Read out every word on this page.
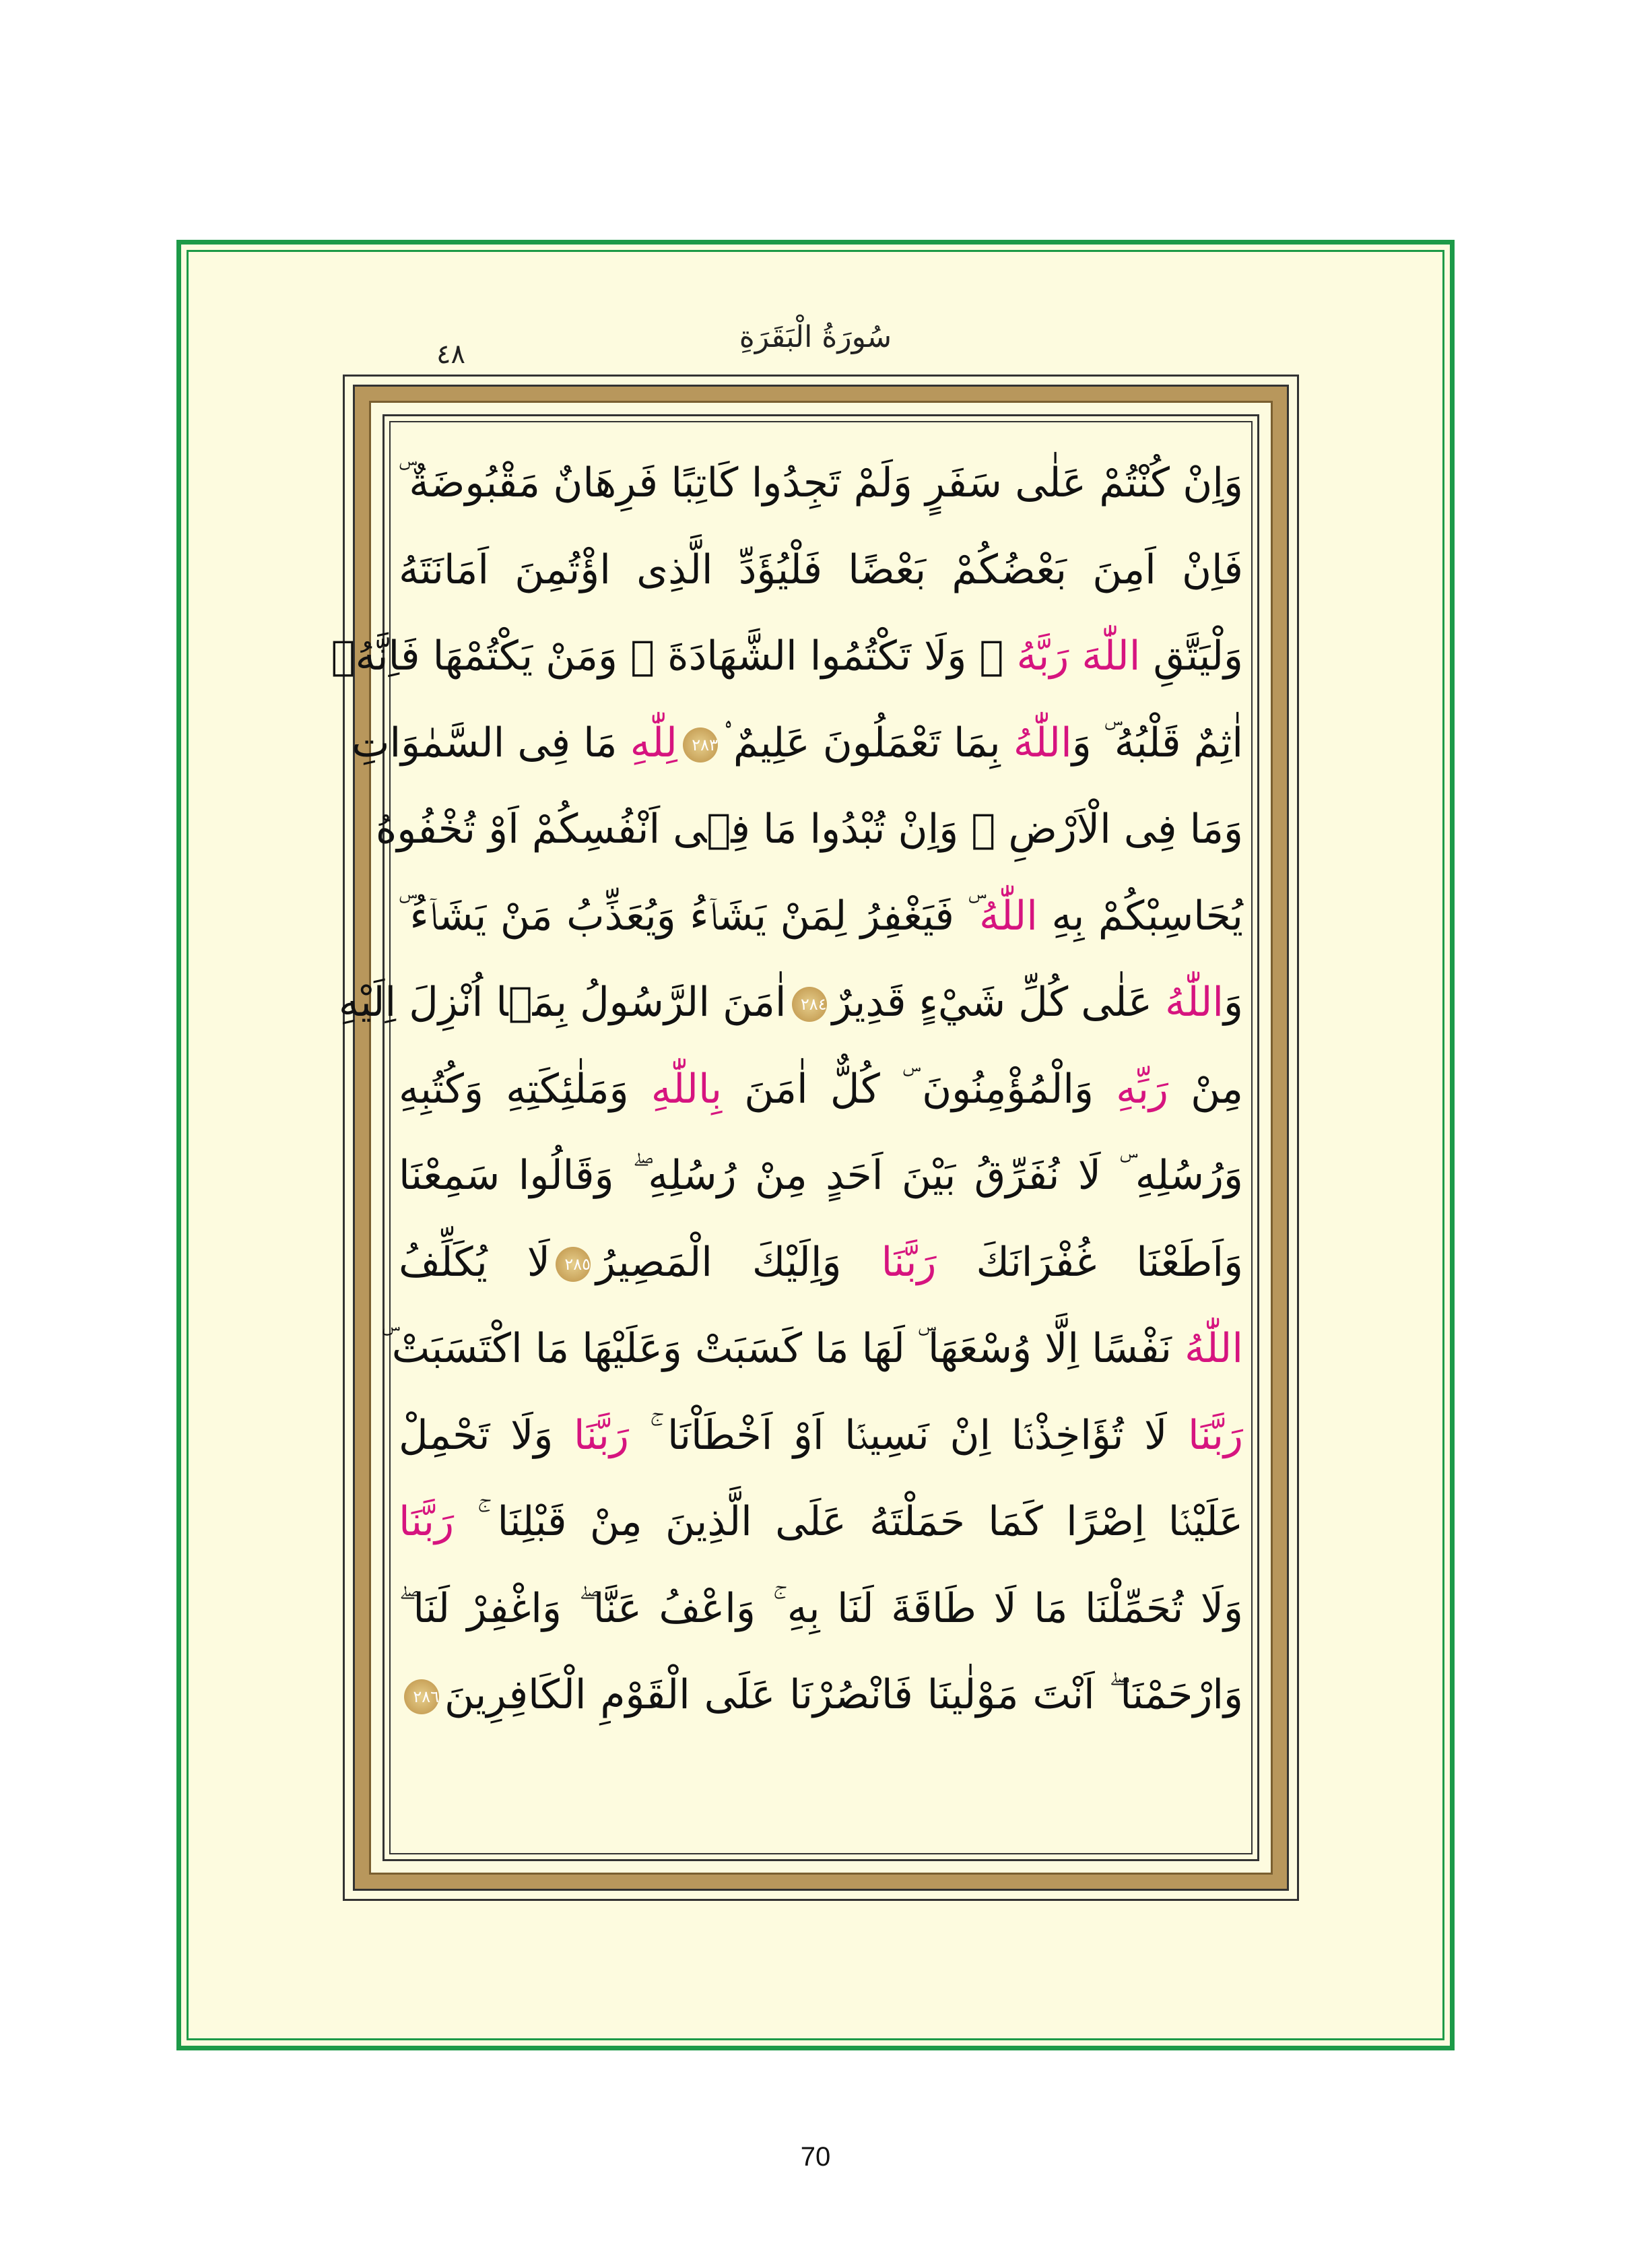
سُورَةُ الْبَقَرَةِ
٤٨
وَاِنْ كُنْتُمْ عَلٰى سَفَرٍ وَلَمْ تَجِدُوا كَاتِبًا فَرِهَانٌ مَقْبُوضَةٌ ۜ
فَاِنْ اَمِنَ بَعْضُكُمْ بَعْضًا فَلْيُؤَدِّ الَّذِى اؤْتُمِنَ اَمَانَتَهُ
وَلْيَتَّقِ اللّٰهَ رَبَّهُ ۜ وَلَا تَكْتُمُوا الشَّهَادَةَ ۜ وَمَنْ يَكْتُمْهَا فَاِنَّهُۤ
اٰثِمٌ قَلْبُهُ ۜ وَاللّٰهُ بِمَا تَعْمَلُونَ عَلِيمٌ ۟٢٨٣لِلّٰهِ مَا فِى السَّمٰوَاتِ
وَمَا فِى الْاَرْضِ ۜ وَاِنْ تُبْدُوا مَا فِۤى اَنْفُسِكُمْ اَوْ تُخْفُوهُ
يُحَاسِبْكُمْ بِهِ اللّٰهُ ۜ فَيَغْفِرُ لِمَنْ يَشَاۤءُ وَيُعَذِّبُ مَنْ يَشَاۤءُ ۜ
وَاللّٰهُ عَلٰى كُلِّ شَيْءٍ قَدِيرٌ٢٨٤اٰمَنَ الرَّسُولُ بِمَۤا اُنْزِلَ اِلَيْهِ
مِنْ رَبِّهِ وَالْمُؤْمِنُونَ ۜ كُلٌّ اٰمَنَ بِاللّٰهِ وَمَلٰئِكَتِهِ وَكُتُبِهِ
وَرُسُلِهِ ۜ لَا نُفَرِّقُ بَيْنَ اَحَدٍ مِنْ رُسُلِهِ ۖ وَقَالُوا سَمِعْنَا
وَاَطَعْنَا غُفْرَانَكَ رَبَّنَا وَاِلَيْكَ الْمَصِيرُ٢٨٥لَا يُكَلِّفُ
اللّٰهُ نَفْسًا اِلَّا وُسْعَهَا ۜ لَهَا مَا كَسَبَتْ وَعَلَيْهَا مَا اكْتَسَبَتْ ۜ
رَبَّنَا لَا تُؤَاخِذْنَۤا اِنْ نَسِينَۤا اَوْ اَخْطَاْنَا ۚ رَبَّنَا وَلَا تَحْمِلْ
عَلَيْنَۤا اِصْرًا كَمَا حَمَلْتَهُ عَلَى الَّذِينَ مِنْ قَبْلِنَا ۚ رَبَّنَا
وَلَا تُحَمِّلْنَا مَا لَا طَاقَةَ لَنَا بِهِ ۚ وَاعْفُ عَنَّا ۖ وَاغْفِرْ لَنَا ۖ
وَارْحَمْنَا ۖ اَنْتَ مَوْلٰينَا فَانْصُرْنَا عَلَى الْقَوْمِ الْكَافِرِينَ٢٨٦
70
